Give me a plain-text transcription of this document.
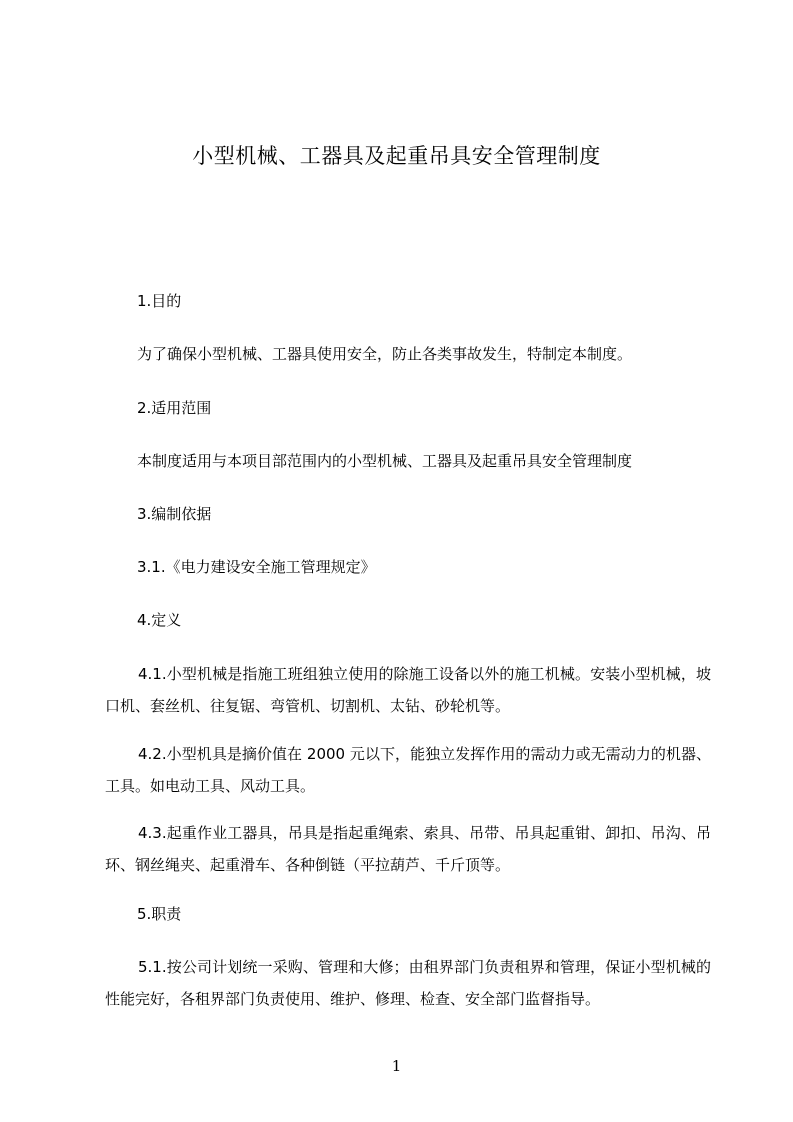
小型机械、工器具及起重吊具安全管理制度
1.目的
为了确保小型机械、工器具使用安全，防止各类事故发生，特制定本制度。
2.适用范围
本制度适用与本项目部范围内的小型机械、工器具及起重吊具安全管理制度
3.编制依据
3.1.《电力建设安全施工管理规定》
4.定义
4.1.小型机械是指施工班组独立使用的除施工设备以外的施工机械。安装小型机械，坡口机、套丝机、往复锯、弯管机、切割机、太钻、砂轮机等。
4.2.小型机具是摘价值在 2000 元以下，能独立发挥作用的需动力或无需动力的机器、工具。如电动工具、风动工具。
4.3.起重作业工器具，吊具是指起重绳索、索具、吊带、吊具起重钳、卸扣、吊沟、吊环、钢丝绳夹、起重滑车、各种倒链（平拉葫芦、千斤顶等。
5.职责
5.1.按公司计划统一采购、管理和大修；由租界部门负责租界和管理，保证小型机械的性能完好，各租界部门负责使用、维护、修理、检查、安全部门监督指导。
1
